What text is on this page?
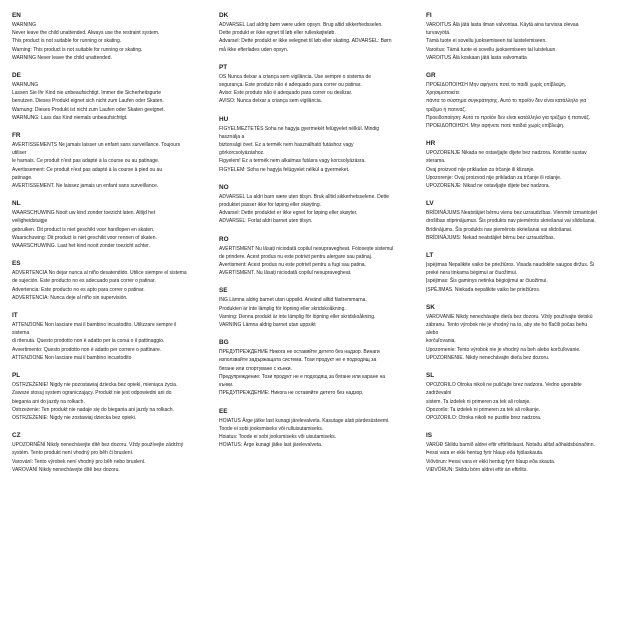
EN
WARNING
Never leave the child unattended. Always use the restraint system.
This product is not suitable for running or skating.
Warning: This product is not suitable for running or skating.
WARNING Never leave the child unattended.
DE
WARNUNG
Lassen Sie Ihr Kind nie unbeaufsichtigt. Immer die Sicherheitsgurte
benutzen. Dieses Produkt eignet sich nicht zum Laufen oder Skaten.
Warnung: Dieses Produkt ist nicht zum Laufen oder Skaten geeignet.
WARNUNG: Lass das Kind niemals unbeaufsichtigt.
FR
AVERTISSEMENTS Ne jamais laisser un enfant sans surveillance. Toujours
utiliser
le harnais. Ce produit n'est pas adapté à la course ou au patinage.
Avertissement: Ce produit n'est pas adapté à la course à pied ou au
patinage.
AVERTISSEMENT. Ne laissez jamais un enfant sans surveillance.
NL
WAARSCHUWING Nooit uw kind zonder toezicht laten. Altijd het
veiligheidstuigje
gebruiken. Dit product is niet geschikt voor hardlopen en skaten.
Waarschuwing: Dit product is niet geschikt voor rennen of skaten.
WAARSCHUWING. Laat het kind nooit zonder toezicht achter.
ES
ADVERTENCIA No dejar nunca al niño desatendido. Utilice siempre el sistema
de sujeción. Este producto no es adecuado para correr o patinar.
Advertencia: Este producto no es apto para correr o patinar.
ADVERTENCIA: Nunca deje al niño sin supervisión.
IT
ATTENZIONE Non lasciare mai il bambino incustodito. Utilizzare sempre il
sistema
di ritenuta. Questo prodotto non è adatto per la corsa o il pattinaggio.
Avvertimento: Questo prodotto non è adatto per correre o pattinare.
ATTENZIONE Non lasciare mai il bambino incustodito
PL
OSTRZEŻENIE! Nigdy nie pozostawiaj dziecka bez opieki, mieniąca życia.
Zawsze stosuj system ograniczający. Produkt nie jest odpowiedni ani do
biegania ani do jazdy na rolkach.
Ostrzeżenie: Ten produkt nie nadaje się do biegania ani jazdy na rolkach.
OSTRZEŻENIE: Nigdy nie zostawiaj dziecka bez opieki.
CZ
UPOZORNĚNÍ Nikdy nenechávejte dítě bez dozoru. Vždy používejte zádržný
systém. Tento produkt není vhodný pro běh či bruslení.
Varování: Tento výrobek není vhodný pro běh nebo bruslení.
VAROVÁNÍ Nikdy nenechávejte dítě bez dozoru.
DK
ADVARSEL Lad aldrig børn være uden opsyn. Brug altid sikkerhedsselen.
Dette produkt er ikke egnet til løb eller rulleskøjteløb.
Advarsel: Dette produkt er ikke velegnet til løb eller skating. ADVARSEL: Børn
må ikke efterlades uden opsyn.
PT
OS Nunca deixar a criança sem vigilância. Use sempre o sistema de
segurança. Este produto não é adequado para correr ou patinar.
Aviso: Este produto não é adequado para correr ou deslizar.
AVISO: Nunca deixar a criança sem vigilância.
HU
FIGYELMEZTETÉS Soha ne hagyja gyermekét felügyelet nélkül. Mindig
használja a
biztonsági övet. Ez a termék nem használható futáshoz vagy
görkorcsolyázáshoz.
Figyelem! Ez a termék nem alkalmas futásra vagy korcsolyázásra.
FIGYELEM: Soha ne hagyja felügyelet nélkül a gyermeket.
NO
ADVARSEL La aldri barn være uten tilsyn. Bruk alltid sikkerhetsselene. Dette
produktet passer ikke for løping eller skøyting.
Advarsel: Dette produktet er ikke egnet for løping eller skøyter.
ADVARSEL: Forlat aldri barnet uten tilsyn.
RO
AVERTISMENT Nu lăsați niciodată copilul nesupravegheat. Folosește sistemul
de prindere. Acest produs nu este potrivit pentru alergare sau patinaj.
Avertisment: Acest produs nu este potrivit pentru a fugi sau patina.
AVERTISMENT. Nu lăsați niciodată copilul nesupravegheat.
SE
ING Lämna aldrig barnet utan uppsikt. Använd alltid fästremmarna.
Produkten är inte lämplig för löpning eller skridskoåkning.
Varning: Denna produkt är inte lämplig för löpning eller skridskoåkning.
VARNING Lämna aldrig barnet utan uppsikt
BG
ПРЕДУПРЕЖДЕНИЕ Никога не оставяйте детето без надзор. Винаги
използвайте задържащата система. Този продукт не е подходящ за
бягане или спортуване с кънки.
Предупреждение: Този продукт не е подходящ за бягане или каране на
кънки.
ПРЕДУПРЕЖДЕНИЕ: Никога не оставяйте детето без надзор.
EE
HOIATUS Ärge jätke last kunagi järelevalveta. Kasutage alati pärdesüsteemi.
Toode ei sobi jooksmiseks või rulluisutamiseks.
Hoiatus: Toode ei sobi jooksmiseks või uisutamiseks.
HOIATUS: Ärge kunagi jätke last järelevalveta.
FI
VAROITUS Älä jätä lasta ilman valvontaa. Käytä aina turvissa olevaa
turvavyötä.
Tämä tuote ei sovellu juoksemiseen tai luistelemiseen.
Varoitus: Tämä tuote ei sovellu juoksemiseen tai luisteluun.
VAROITUS Älä koskaan jätä lasta valvomatta
GR
ΠΡΟΕΙΔΟΠΟΙΗΣΗ Μην αφήνετε ποτέ το παιδί χωρίς επίβλεψη.
Χρησιμοποιείτε
πάντα το σύστημα συγκράτησης. Αυτό το προϊόν δεν είναι κατάλληλο για
τρέξιμο ή πατινάζ.
Προειδοποίηση: Αυτό το προϊόν δεν είναι κατάλληλο για τρέξιμο ή πατινάζ.
ΠΡΟΕΙΔΟΠΟΙΗΣΗ. Μην αφήνετε ποτέ παιδιά χωρίς επίβλεψη.
HR
UPOZORENJE Nikada ne ostavljajte dijete bez nadzora. Koristite sustav
sterama.
Ovaj proizvod nije prikladan za trčanje ili klizanje.
Upozorenje: Ovaj proizvod nije prikladan za trčanje ili rolanje.
UPOZORENJE: Nikad ne ostavljajte dijete bez nadzora.
LV
BRĪDINĀJUMS Neatstājiet bērnu vienu bez uzraudzības. Vienmēr izmantojiet
drošības stiprinājumus. Šis produkts nav piemērots skriešanai vai slidošanai.
Brīdinājums. Šis produkts nav piemērots skriešanai vai slidošanai.
BRĪDINĀJUMS: Nekad neatstājiet bērnu bez uzraudzības.
LT
Įspėjimas Nepalikite vaiko be priežiūros. Visada naudokite saugos diržus. Ši
prekė nėra tinkama bėgimui ar čiuožimui.
Įspėjimas: Šis gaminys netinka bėgiojimui ar čiuožimui.
ĮSPĖJIMAS. Niekada nepalikite vaiko be priežiūros.
SK
VAROVANIE Nikdy nenechávajte dieťa bez dozoru. Vždy používajte detskú
zábranu. Tento výrobok nie je vhodný na to, aby ste ho fľačili počas behu
alebo
korčuľovania.
Upozornenie: Tento výrobok nie je vhodný na beh alebo korčuľovanie.
UPOZORNENIE. Nikdy nenechávajte dieťa bez dozoru.
SL
OPOZORILO Otroka nikoli ne puščajte brez nadzora. Vedno uporabite
zadrževalni
sistem. Ta izdelek ni primeren za tek ali rolanje.
Opozorilo: Ta izdelek ni primeren za tek ali rolkanje.
OPOZORILO: Otroka nikoli ne pustite brez nadzora.
IS
VARÚÐ Skildu barnið aldrei eftir eftirlitslaust. Notaðu alltaf aðhaldsbúnaðinn.
Þessi vara er ekki hentug fyrir hlaup eða hjólaskauta.
Viðvörun: Þessi vara er ekki hentug fyrir hlaup eða skauta.
VIÐVÖRUN: Skildu börn aldrei eftir án eftirlits.
